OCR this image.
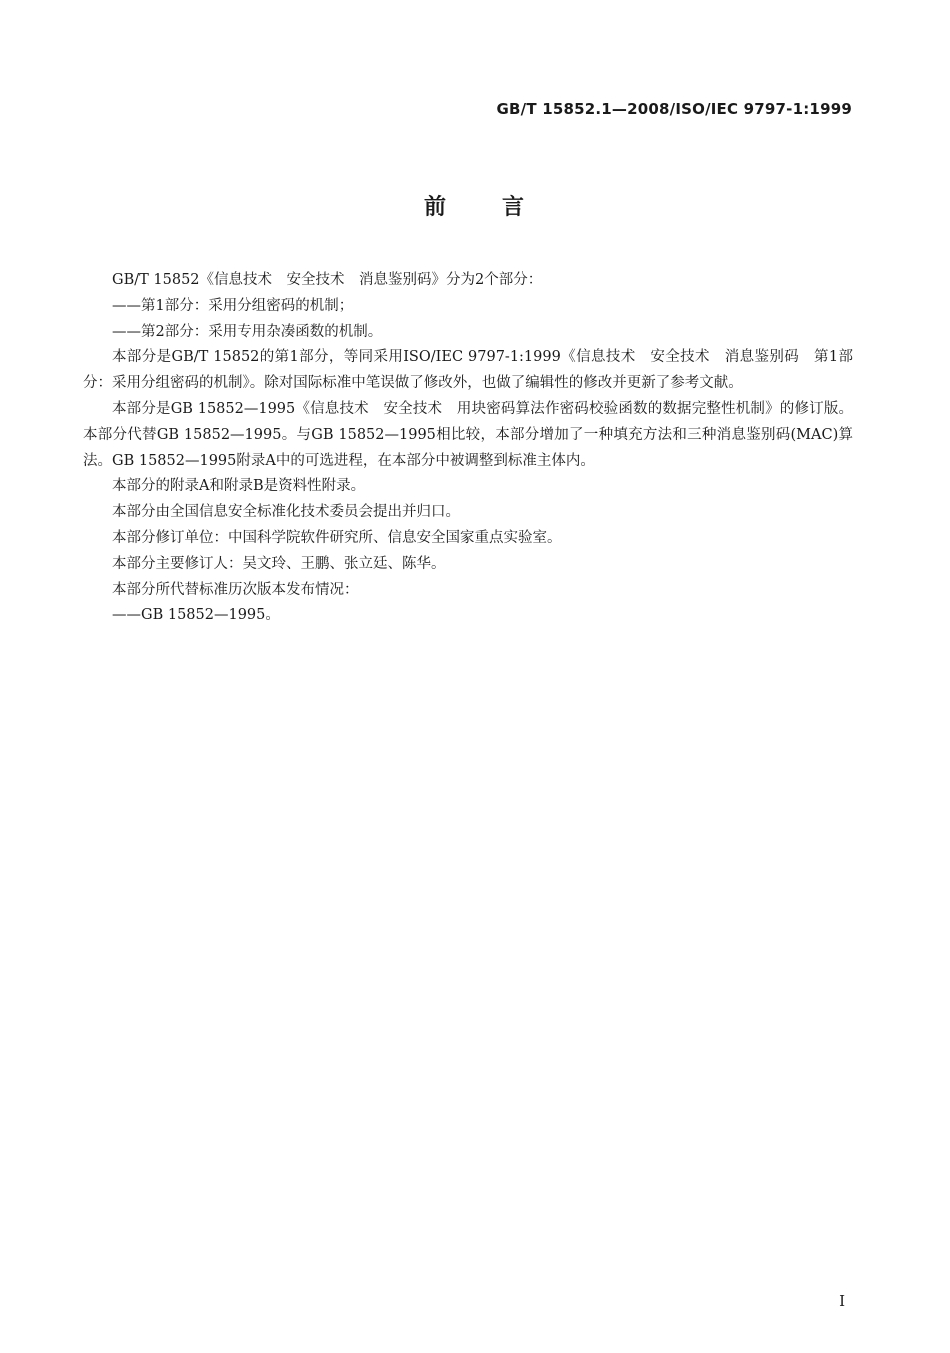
GB/T 15852.1—2008/ISO/IEC 9797-1:1999
前 言

GB/T 15852《信息技术　安全技术　消息鉴别码》分为2个部分：

——第1部分：采用分组密码的机制；

——第2部分：采用专用杂凑函数的机制。

本部分是GB/T 15852的第1部分，等同采用ISO/IEC 9797-1:1999《信息技术　安全技术　消息鉴别码　第1部分：采用分组密码的机制》。除对国际标准中笔误做了修改外，也做了编辑性的修改并更新了参考文献。

本部分是GB 15852—1995《信息技术　安全技术　用块密码算法作密码校验函数的数据完整性机制》的修订版。本部分代替GB 15852—1995。与GB 15852—1995相比较，本部分增加了一种填充方法和三种消息鉴别码(MAC)算法。GB 15852—1995附录A中的可选进程，在本部分中被调整到标准主体内。

本部分的附录A和附录B是资料性附录。

本部分由全国信息安全标准化技术委员会提出并归口。

本部分修订单位：中国科学院软件研究所、信息安全国家重点实验室。

本部分主要修订人：吴文玲、王鹏、张立廷、陈华。

本部分所代替标准历次版本发布情况：

——GB 15852—1995。

I
